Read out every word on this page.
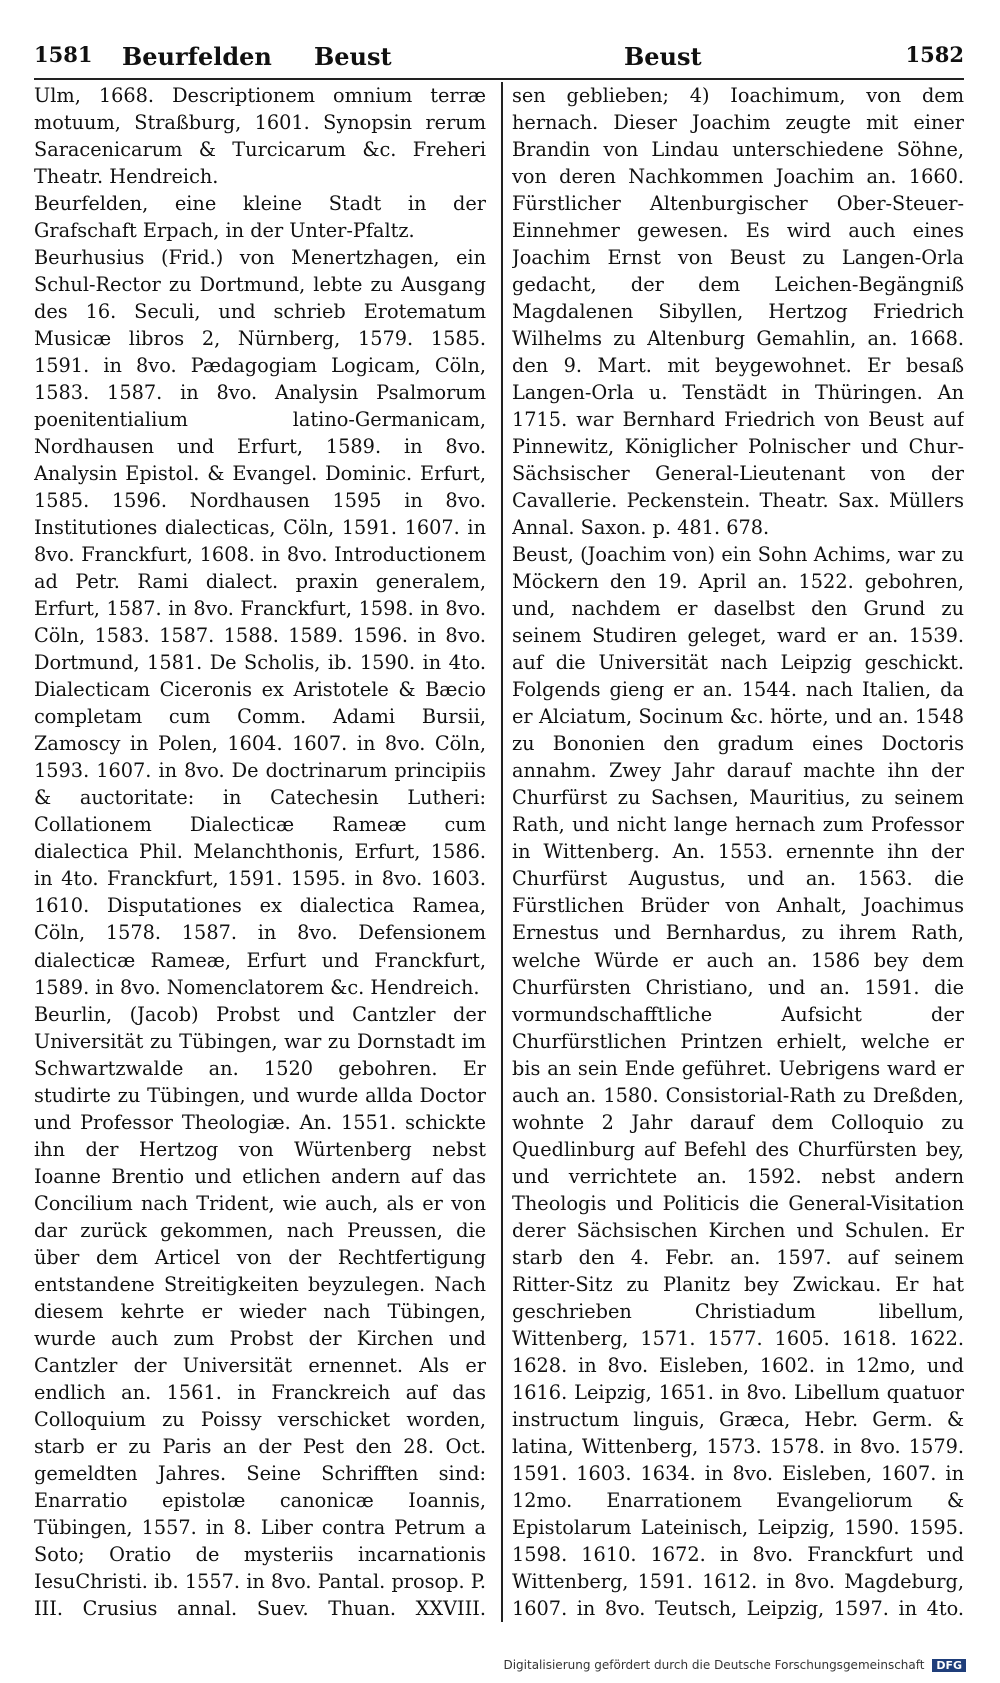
1581 Beurfelden Beust	Beust	1582

Ulm, 1668. Descriptionem omnium terræ motuum, Straßburg, 1601. Synopsin rerum Saracenicarum & Turcicarum &c. Freheri Theatr. Hendreich.

Beurfelden, eine kleine Stadt in der Grafschaft Erpach, in der Unter-Pfaltz.

Beurhusius (Frid.) von Menertzhagen, ein Schul-Rector zu Dortmund, lebte zu Ausgang des 16. Seculi, und schrieb Erotematum Musicæ libros 2, Nürnberg, 1579. 1585. 1591. in 8vo. Pædagogiam Logicam, Cöln, 1583. 1587. in 8vo. Analysin Psalmorum poenitentialium latino-Germanicam, Nordhausen und Erfurt, 1589. in 8vo. Analysin Epistol. & Evangel. Dominic. Erfurt, 1585. 1596. Nordhausen 1595 in 8vo. Institutiones dialecticas, Cöln, 1591. 1607. in 8vo. Franckfurt, 1608. in 8vo. Introductionem ad Petr. Rami dialect. praxin generalem, Erfurt, 1587. in 8vo. Franckfurt, 1598. in 8vo. Cöln, 1583. 1587. 1588. 1589. 1596. in 8vo. Dortmund, 1581. De Scholis, ib. 1590. in 4to. Dialecticam Ciceronis ex Aristotele & Bæcio completam cum Comm. Adami Bursii, Zamoscy in Polen, 1604. 1607. in 8vo. Cöln, 1593. 1607. in 8vo. De doctrinarum principiis & auctoritate: in Catechesin Lutheri: Collationem Dialecticæ Rameæ cum dialectica Phil. Melanchthonis, Erfurt, 1586. in 4to. Franckfurt, 1591. 1595. in 8vo. 1603. 1610. Disputationes ex dialectica Ramea, Cöln, 1578. 1587. in 8vo. Defensionem dialecticæ Rameæ, Erfurt und Franckfurt, 1589. in 8vo. Nomenclatorem &c. Hendreich.

Beurlin, (Jacob) Probst und Cantzler der Universität zu Tübingen, war zu Dornstadt im Schwartzwalde an. 1520 gebohren. Er studirte zu Tübingen, und wurde allda Doctor und Professor Theologiæ. An. 1551. schickte ihn der Hertzog von Würtenberg nebst Ioanne Brentio und etlichen andern auf das Concilium nach Trident, wie auch, als er von dar zurück gekommen, nach Preussen, die über dem Articel von der Rechtfertigung entstandene Streitigkeiten beyzulegen. Nach diesem kehrte er wieder nach Tübingen, wurde auch zum Probst der Kirchen und Cantzler der Universität ernennet. Als er endlich an. 1561. in Franckreich auf das Colloquium zu Poissy verschicket worden, starb er zu Paris an der Pest den 28. Oct. gemeldten Jahres. Seine Schrifften sind: Enarratio epistolæ canonicæ Ioannis, Tübingen, 1557. in 8. Liber contra Petrum a Soto; Oratio de mysteriis incarnationis IesuChristi. ib. 1557. in 8vo. Pantal. prosop. P. III. Crusius annal. Suev. Thuan. XXVIII.

sen geblieben; 4) Ioachimum, von dem hernach. Dieser Joachim zeugte mit einer Brandin von Lindau unterschiedene Söhne, von deren Nachkommen Joachim an. 1660. Fürstlicher Altenburgischer Ober-Steuer-Einnehmer gewesen. Es wird auch eines Joachim Ernst von Beust zu Langen-Orla gedacht, der dem Leichen-Begängniß Magdalenen Sibyllen, Hertzog Friedrich Wilhelms zu Altenburg Gemahlin, an. 1668. den 9. Mart. mit beygewohnet. Er besaß Langen-Orla u. Tenstädt in Thüringen. An 1715. war Bernhard Friedrich von Beust auf Pinnewitz, Königlicher Polnischer und Chur-Sächsischer General-Lieutenant von der Cavallerie. Peckenstein. Theatr. Sax. Müllers Annal. Saxon. p. 481. 678.

Beust, (Joachim von) ein Sohn Achims, war zu Möckern den 19. April an. 1522. gebohren, und, nachdem er daselbst den Grund zu seinem Studiren geleget, ward er an. 1539. auf die Universität nach Leipzig geschickt. Folgends gieng er an. 1544. nach Italien, da er Alciatum, Socinum &c. hörte, und an. 1548 zu Bononien den gradum eines Doctoris annahm. Zwey Jahr darauf machte ihn der Churfürst zu Sachsen, Mauritius, zu seinem Rath, und nicht lange hernach zum Professor in Wittenberg. An. 1553. ernennte ihn der Churfürst Augustus, und an. 1563. die Fürstlichen Brüder von Anhalt, Joachimus Ernestus und Bernhardus, zu ihrem Rath, welche Würde er auch an. 1586 bey dem Churfürsten Christiano, und an. 1591. die vormundschafftliche Aufsicht der Churfürstlichen Printzen erhielt, welche er bis an sein Ende geführet. Uebrigens ward er auch an. 1580. Consistorial-Rath zu Dreßden, wohnte 2 Jahr darauf dem Colloquio zu Quedlinburg auf Befehl des Churfürsten bey, und verrichtete an. 1592. nebst andern Theologis und Politicis die General-Visitation derer Sächsischen Kirchen und Schulen. Er starb den 4. Febr. an. 1597. auf seinem Ritter-Sitz zu Planitz bey Zwickau. Er hat geschrieben Christiadum libellum, Wittenberg, 1571. 1577. 1605. 1618. 1622. 1628. in 8vo. Eisleben, 1602. in 12mo, und 1616. Leipzig, 1651. in 8vo. Libellum quatuor instructum linguis, Græca, Hebr. Germ. & latina, Wittenberg, 1573. 1578. in 8vo. 1579. 1591. 1603. 1634. in 8vo. Eisleben, 1607. in 12mo. Enarrationem Evangeliorum & Epistolarum Lateinisch, Leipzig, 1590. 1595. 1598. 1610. 1672. in 8vo. Franckfurt und Wittenberg, 1591. 1612. in 8vo. Magdeburg, 1607. in 8vo. Teutsch, Leipzig, 1597. in 4to.

Digitalisierung gefördert durch die Deutsche Forschungsgemeinschaft DFG
